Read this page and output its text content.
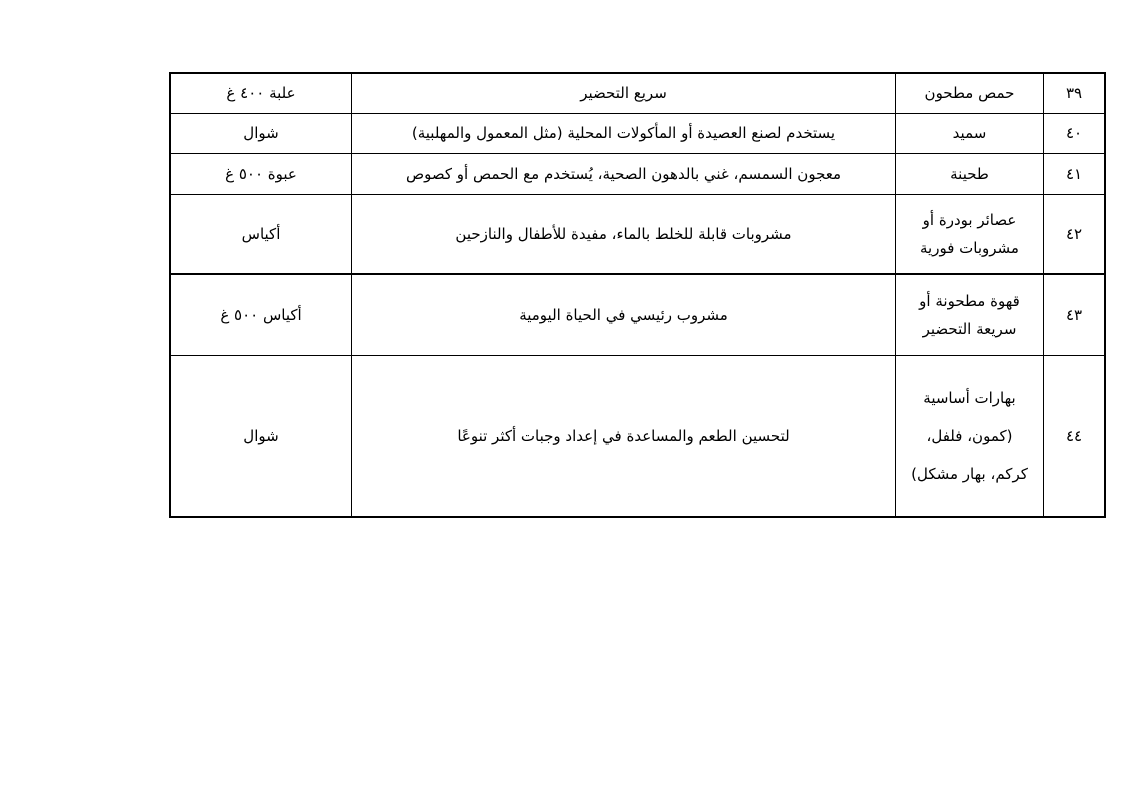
٣٩	حمص مطحون	سريع التحضير	علبة ٤٠٠ غ
٤٠	سميد	يستخدم لصنع العصيدة أو المأكولات المحلية (مثل المعمول والمهلبية)	شوال
٤١	طحينة	معجون السمسم، غني بالدهون الصحية، يُستخدم مع الحمص أو كصوص	عبوة ٥٠٠ غ
٤٢	عصائر بودرة أو
مشروبات فورية	مشروبات قابلة للخلط بالماء، مفيدة للأطفال والنازحين	أكياس
٤٣	قهوة مطحونة أو
سريعة التحضير	مشروب رئيسي في الحياة اليومية	أكياس ٥٠٠ غ
٤٤	بهارات أساسية
(كمون، فلفل،
كركم، بهار مشكل)	لتحسين الطعم والمساعدة في إعداد وجبات أكثر تنوعًا	شوال
